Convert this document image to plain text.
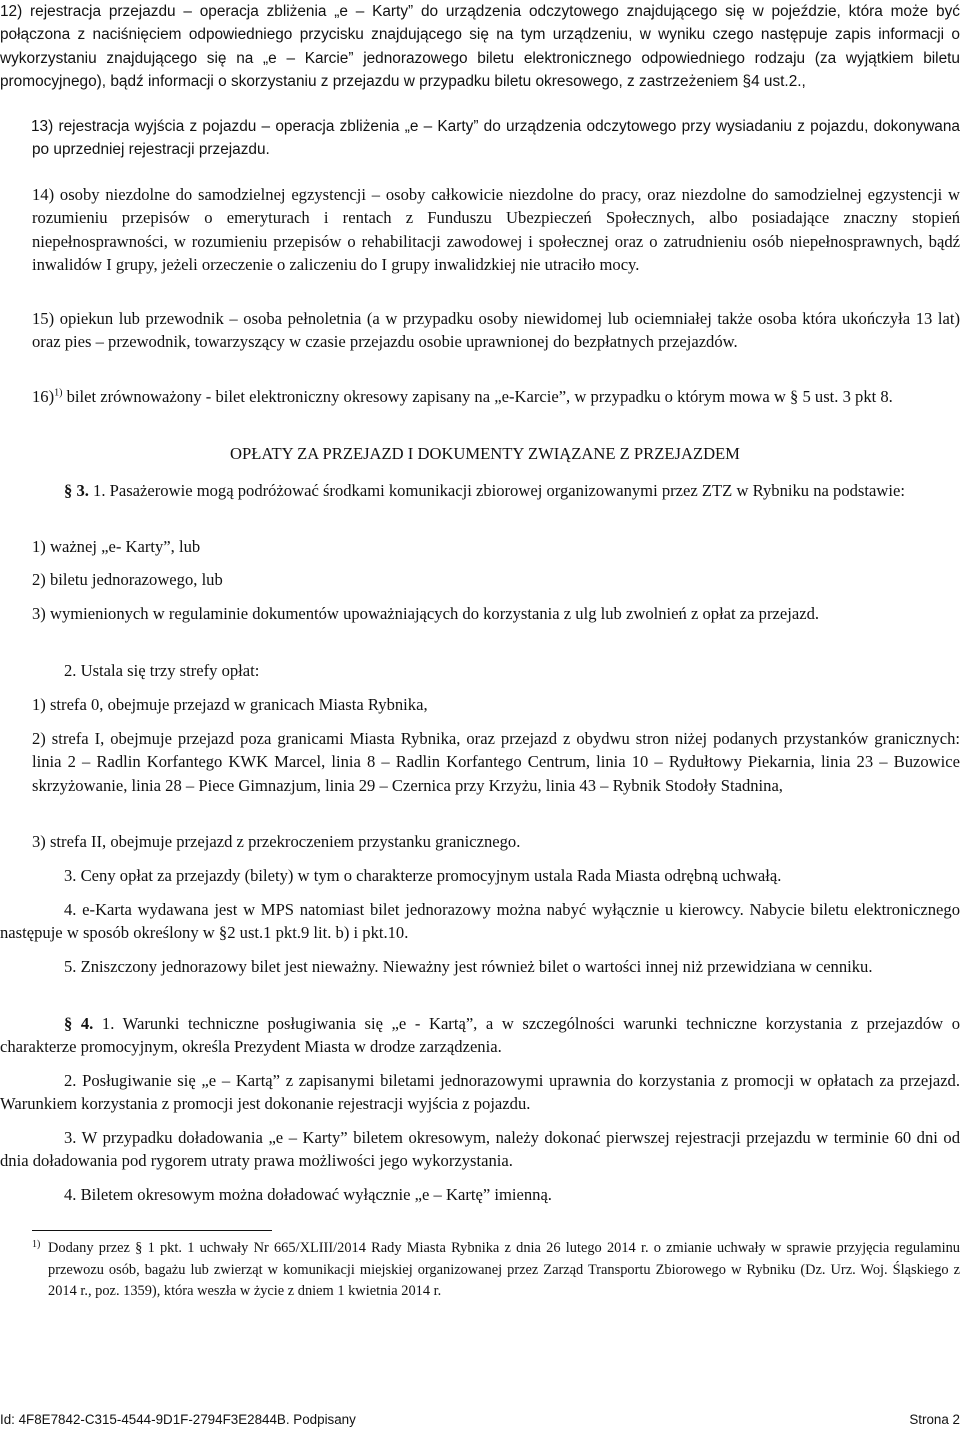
12) rejestracja przejazdu – operacja zbliżenia „e – Karty” do urządzenia odczytowego znajdującego się w pojeździe, która może być połączona z naciśnięciem odpowiedniego przycisku znajdującego się na tym urządzeniu, w wyniku czego następuje zapis informacji o wykorzystaniu znajdującego się na „e – Karcie” jednorazowego biletu elektronicznego odpowiedniego rodzaju (za wyjątkiem biletu promocyjnego), bądź informacji o skorzystaniu z przejazdu w przypadku biletu okresowego, z zastrzeżeniem §4 ust.2.,

13) rejestracja wyjścia z pojazdu – operacja zbliżenia „e – Karty” do urządzenia odczytowego przy wysiadaniu z pojazdu, dokonywana po uprzedniej rejestracji przejazdu.

14) osoby niezdolne do samodzielnej egzystencji – osoby całkowicie niezdolne do pracy, oraz niezdolne do samodzielnej egzystencji w rozumieniu przepisów o emeryturach i rentach z Funduszu Ubezpieczeń Społecznych, albo posiadające znaczny stopień niepełnosprawności, w rozumieniu przepisów o rehabilitacji zawodowej i społecznej oraz o zatrudnieniu osób niepełnosprawnych, bądź inwalidów I grupy, jeżeli orzeczenie o zaliczeniu do I grupy inwalidzkiej nie utraciło mocy.

15) opiekun lub przewodnik – osoba pełnoletnia (a w przypadku osoby niewidomej lub ociemniałej także osoba która ukończyła 13 lat) oraz pies – przewodnik, towarzyszący w czasie przejazdu osobie uprawnionej do bezpłatnych przejazdów.

16)$^{1)}$ bilet zrównoważony - bilet elektroniczny okresowy zapisany na „e-Karcie”, w przypadku o którym mowa w § 5 ust. 3 pkt 8.

OPŁATY ZA PRZEJAZD I DOKUMENTY ZWIĄZANE Z PRZEJAZDEM

§ 3. 1. Pasażerowie mogą podróżować środkami komunikacji zbiorowej organizowanymi przez ZTZ w Rybniku na podstawie:

1) ważnej „e- Karty”, lub

2) biletu jednorazowego, lub

3) wymienionych w regulaminie dokumentów upoważniających do korzystania z ulg lub zwolnień z opłat za przejazd.

2. Ustala się trzy strefy opłat:

1) strefa 0, obejmuje przejazd w granicach Miasta Rybnika,

2) strefa I, obejmuje przejazd poza granicami Miasta Rybnika, oraz przejazd z obydwu stron niżej podanych przystanków granicznych: linia 2 – Radlin Korfantego KWK Marcel, linia 8 – Radlin Korfantego Centrum, linia 10 – Rydułtowy Piekarnia, linia 23 – Buzowice skrzyżowanie, linia 28 – Piece Gimnazjum, linia 29 – Czernica przy Krzyżu, linia 43 – Rybnik Stodoły Stadnina,

3) strefa II, obejmuje przejazd z przekroczeniem przystanku granicznego.

3. Ceny opłat za przejazdy (bilety) w tym o charakterze promocyjnym ustala Rada Miasta odrębną uchwałą.

4. e-Karta wydawana jest w MPS natomiast bilet jednorazowy można nabyć wyłącznie u kierowcy. Nabycie biletu elektronicznego następuje w sposób określony w §2 ust.1 pkt.9 lit. b) i pkt.10.

5. Zniszczony jednorazowy bilet jest nieważny. Nieważny jest również bilet o wartości innej niż przewidziana w cenniku.

§ 4. 1. Warunki techniczne posługiwania się „e - Kartą”, a w szczególności warunki techniczne korzystania z przejazdów o charakterze promocyjnym, określa Prezydent Miasta w drodze zarządzenia.

2. Posługiwanie się „e – Kartą” z zapisanymi biletami jednorazowymi uprawnia do korzystania z promocji w opłatach za przejazd. Warunkiem korzystania z promocji jest dokonanie rejestracji wyjścia z pojazdu.

3. W przypadku doładowania „e – Karty” biletem okresowym, należy dokonać pierwszej rejestracji przejazdu w terminie 60 dni od dnia doładowania pod rygorem utraty prawa możliwości jego wykorzystania.

4. Biletem okresowym można doładować wyłącznie „e – Kartę” imienną.

1) Dodany przez § 1 pkt. 1 uchwały Nr 665/XLIII/2014 Rady Miasta Rybnika z dnia 26 lutego 2014 r. o zmianie uchwały w sprawie przyjęcia regulaminu przewozu osób, bagażu lub zwierząt w komunikacji miejskiej organizowanej przez Zarząd Transportu Zbiorowego w Rybniku (Dz. Urz. Woj. Śląskiego z 2014 r., poz. 1359), która weszła w życie z dniem 1 kwietnia 2014 r.

Id: 4F8E7842-C315-4544-9D1F-2794F3E2844B. Podpisany	Strona 2
